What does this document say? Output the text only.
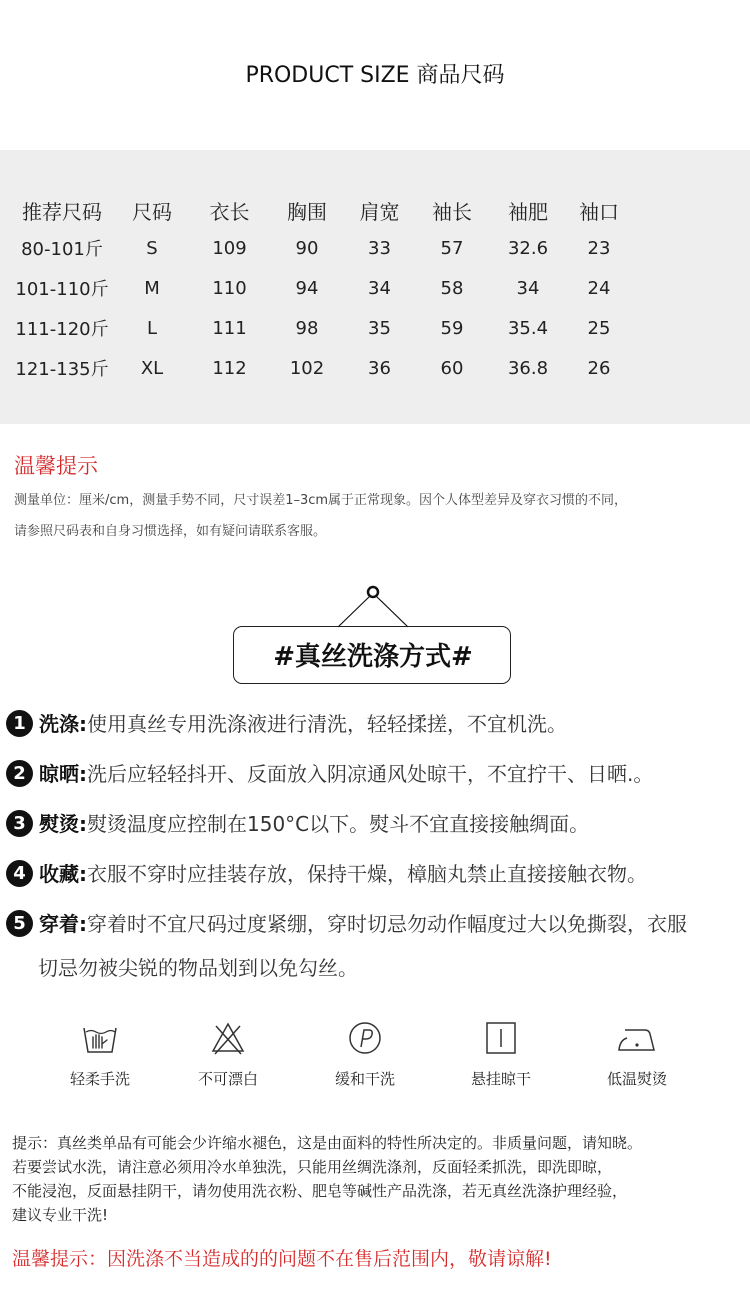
PRODUCT SIZE 商品尺码
推荐尺码	尺码	衣长	胸围	肩宽	袖长	袖肥	袖口
80-101斤	S	109	90	33	57	32.6	23
101-110斤	M	110	94	34	58	34	24
111-120斤	L	111	98	35	59	35.4	25
121-135斤	XL	112	102	36	60	36.8	26
温馨提示
测量单位：厘米/cm，测量手势不同，尺寸误差1–3cm属于正常现象。因个人体型差异及穿衣习惯的不同，
请参照尺码表和自身习惯选择，如有疑问请联系客服。
#真丝洗涤方式#
1 洗涤:使用真丝专用洗涤液进行清洗，轻轻揉搓，不宜机洗。
2 晾晒:洗后应轻轻抖开、反面放入阴凉通风处晾干，不宜拧干、日晒.。
3 熨烫:熨烫温度应控制在150°C以下。熨斗不宜直接接触绸面。
4 收藏:衣服不穿时应挂装存放，保持干燥，樟脑丸禁止直接接触衣物。
5 穿着:穿着时不宜尺码过度紧绷，穿时切忌勿动作幅度过大以免撕裂，衣服
切忌勿被尖锐的物品划到以免勾丝。
轻柔手洗	不可漂白	缓和干洗	悬挂晾干	低温熨烫
提示：真丝类单品有可能会少许缩水褪色，这是由面料的特性所决定的。非质量问题，请知晓。
若要尝试水洗，请注意必须用冷水单独洗，只能用丝绸洗涤剂，反面轻柔抓洗，即洗即晾，
不能浸泡，反面悬挂阴干，请勿使用洗衣粉、肥皂等碱性产品洗涤，若无真丝洗涤护理经验，
建议专业干洗!
温馨提示：因洗涤不当造成的的问题不在售后范围内，敬请谅解!
